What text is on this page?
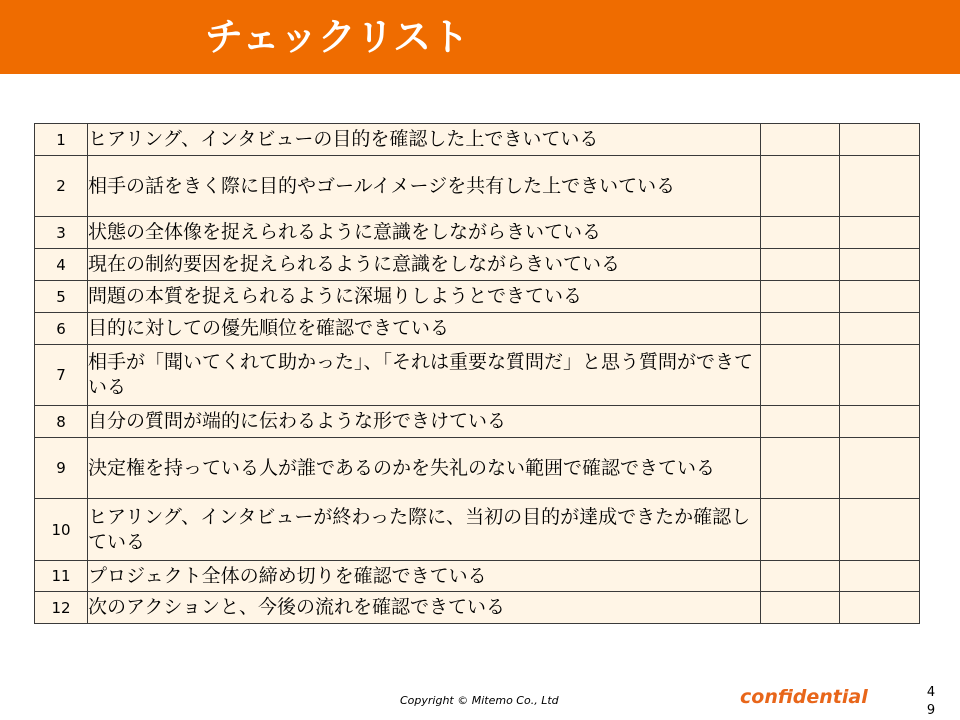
チェックリスト
1	ヒアリング、インタビューの目的を確認した上できいている		
2	相手の話をきく際に目的やゴールイメージを共有した上できいている		
3	状態の全体像を捉えられるように意識をしながらきいている		
4	現在の制約要因を捉えられるように意識をしながらきいている		
5	問題の本質を捉えられるように深堀りしようとできている		
6	目的に対しての優先順位を確認できている		
7	相手が「聞いてくれて助かった」、「それは重要な質問だ」と思う質問ができている		
8	自分の質問が端的に伝わるような形できけている		
9	決定権を持っている人が誰であるのかを失礼のない範囲で確認できている		
10	ヒアリング、インタビューが終わった際に、当初の目的が達成できたか確認している		
11	プロジェクト全体の締め切りを確認できている		
12	次のアクションと、今後の流れを確認できている		
Copyright © Mitemo Co., Ltd	confidential	49
